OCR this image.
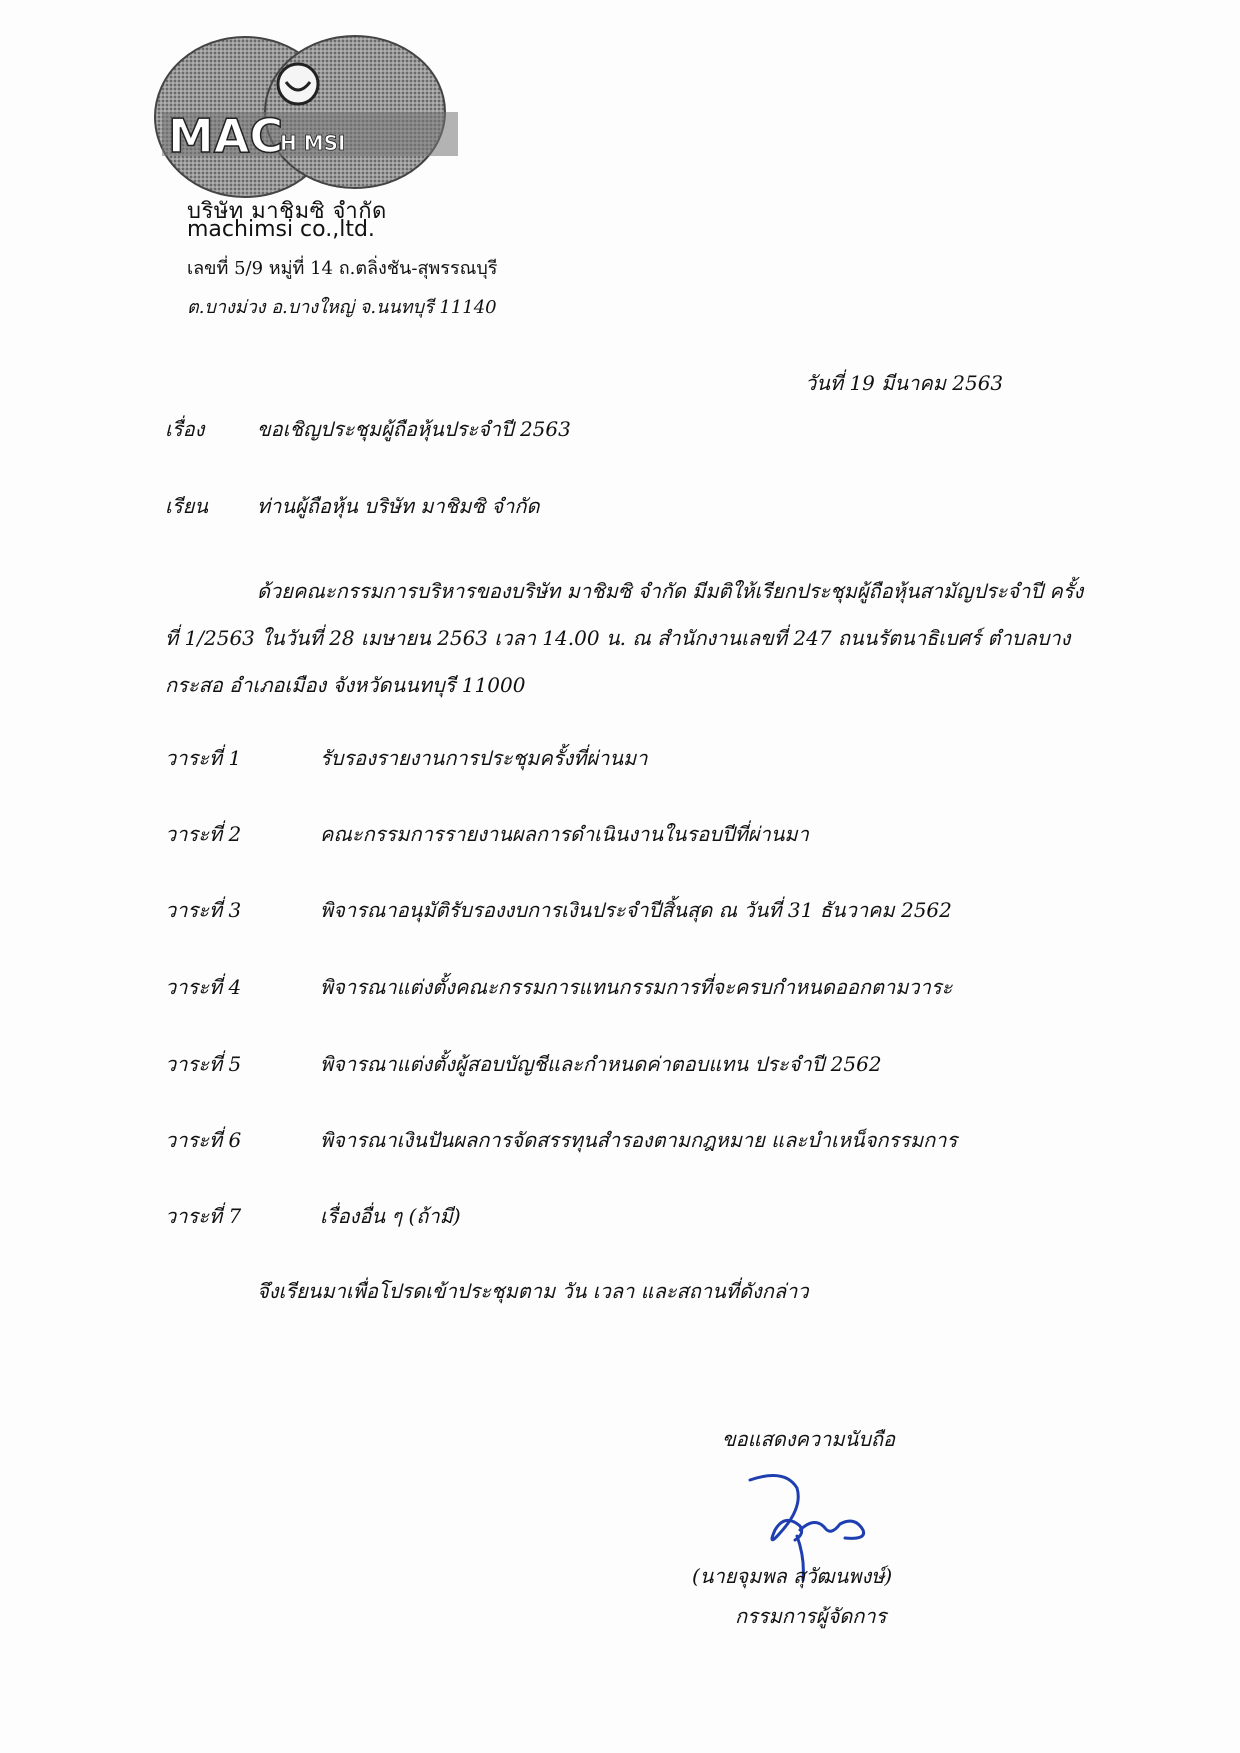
MAC
H MSI
บริษัท มาชิมซิ จำกัด
machimsi co.,ltd.
เลขที่ 5/9 หมู่ที่ 14 ถ.ตลิ่งชัน-สุพรรณบุรี
ต.บางม่วง อ.บางใหญ่ จ.นนทบุรี 11140
วันที่ 19 มีนาคม 2563
เรื่อง	ขอเชิญประชุมผู้ถือหุ้นประจำปี 2563
เรียน ท่านผู้ถือหุ้น บริษัท มาชิมซิ จำกัด

ด้วยคณะกรรมการบริหารของบริษัท มาชิมซิ จำกัด มีมติให้เรียกประชุมผู้ถือหุ้นสามัญประจำปี ครั้งที่ 1/2563 ในวันที่ 28 เมษายน 2563 เวลา 14.00 น. ณ สำนักงานเลขที่ 247 ถนนรัตนาธิเบศร์ ตำบลบางกระสอ อำเภอเมือง จังหวัดนนทบุรี 11000

วาระที่ 1	รับรองรายงานการประชุมครั้งที่ผ่านมา
วาระที่ 2	คณะกรรมการรายงานผลการดำเนินงานในรอบปีที่ผ่านมา
วาระที่ 3	พิจารณาอนุมัติรับรองงบการเงินประจำปีสิ้นสุด ณ วันที่ 31 ธันวาคม 2562
วาระที่ 4	พิจารณาแต่งตั้งคณะกรรมการแทนกรรมการที่จะครบกำหนดออกตามวาระ
วาระที่ 5	พิจารณาแต่งตั้งผู้สอบบัญชีและกำหนดค่าตอบแทน ประจำปี 2562
วาระที่ 6	พิจารณาเงินปันผลการจัดสรรทุนสำรองตามกฎหมาย และบำเหน็จกรรมการ
วาระที่ 7	เรื่องอื่น ๆ (ถ้ามี)
จึงเรียนมาเพื่อโปรดเข้าประชุมตาม วัน เวลา และสถานที่ดังกล่าว
ขอแสดงความนับถือ
(นายจุมพล สุวัฒนพงษ์)
กรรมการผู้จัดการ
